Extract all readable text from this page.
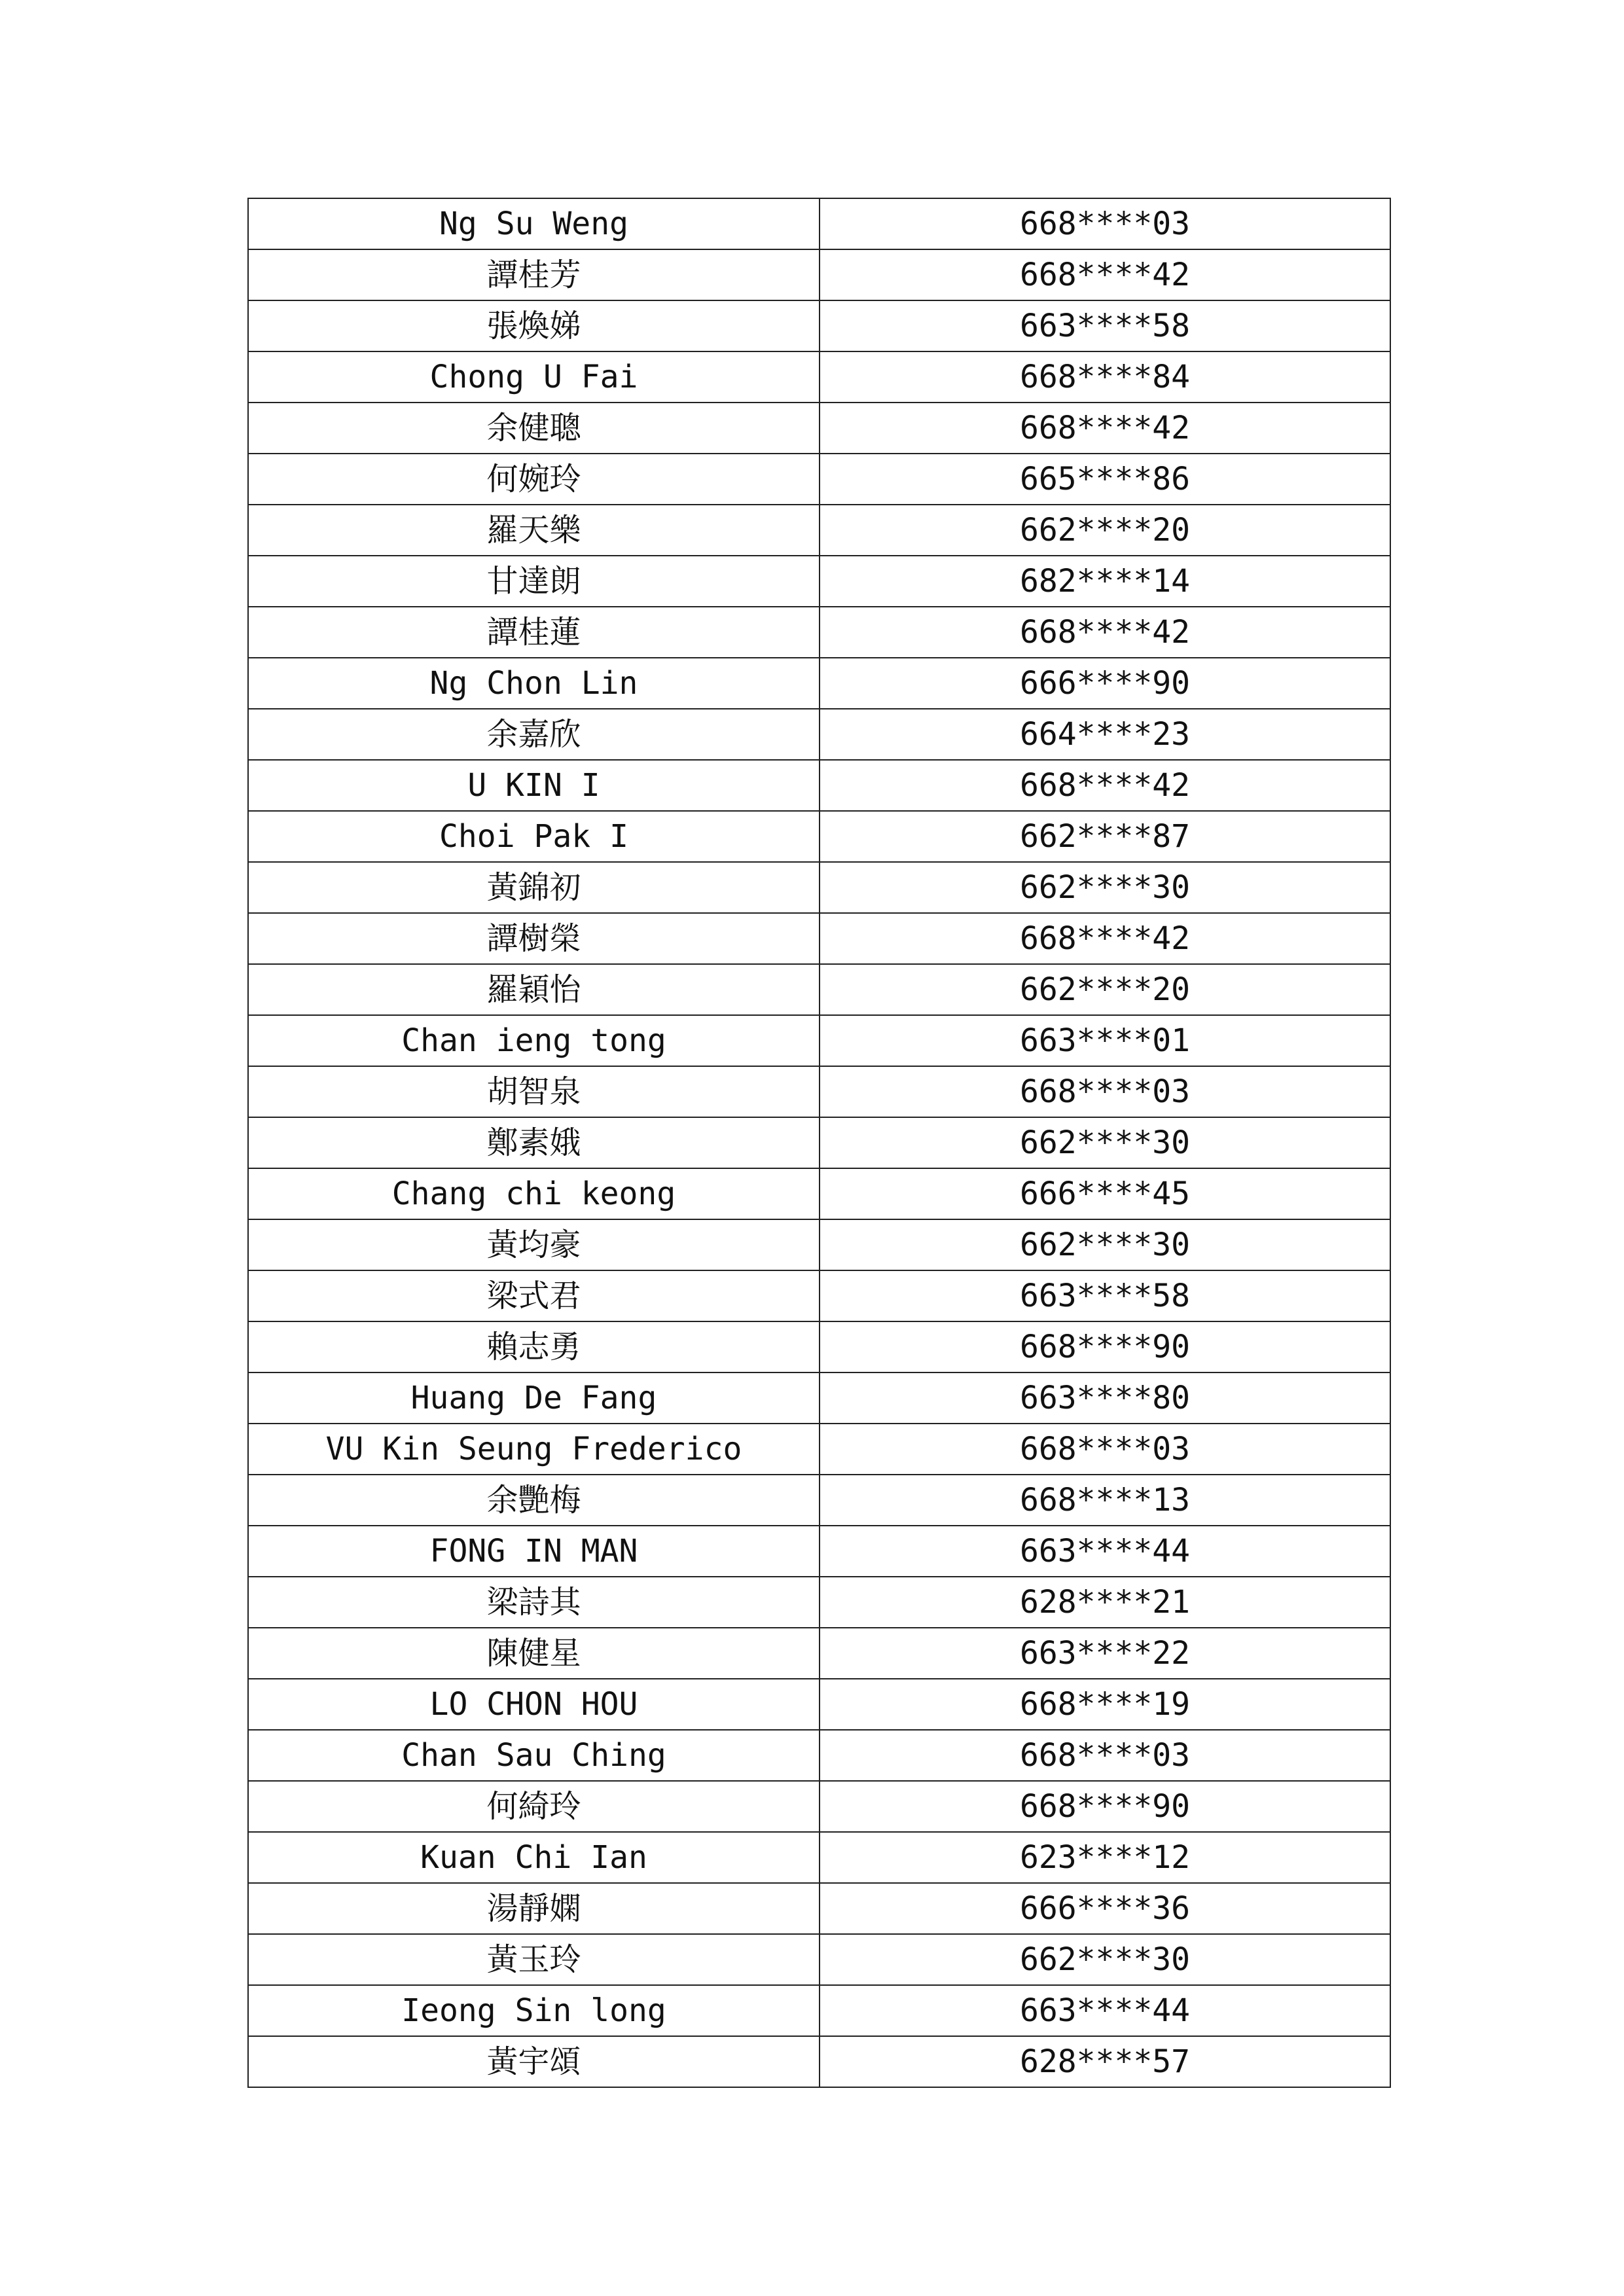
Ng Su Weng	668****03
譚桂芳	668****42
張煥娣	663****58
Chong U Fai	668****84
余健聰	668****42
何婉玲	665****86
羅天樂	662****20
甘達朗	682****14
譚桂蓮	668****42
Ng Chon Lin	666****90
余嘉欣	664****23
U KIN I	668****42
Choi Pak I	662****87
黃錦初	662****30
譚樹榮	668****42
羅穎怡	662****20
Chan ieng tong	663****01
胡智泉	668****03
鄭素娥	662****30
Chang chi keong	666****45
黃均豪	662****30
梁式君	663****58
賴志勇	668****90
Huang De Fang	663****80
VU Kin Seung Frederico	668****03
余艷梅	668****13
FONG IN MAN	663****44
梁詩其	628****21
陳健星	663****22
LO CHON HOU	668****19
Chan Sau Ching	668****03
何綺玲	668****90
Kuan Chi Ian	623****12
湯靜嫻	666****36
黃玉玲	662****30
Ieong Sin long	663****44
黃宇頌	628****57
